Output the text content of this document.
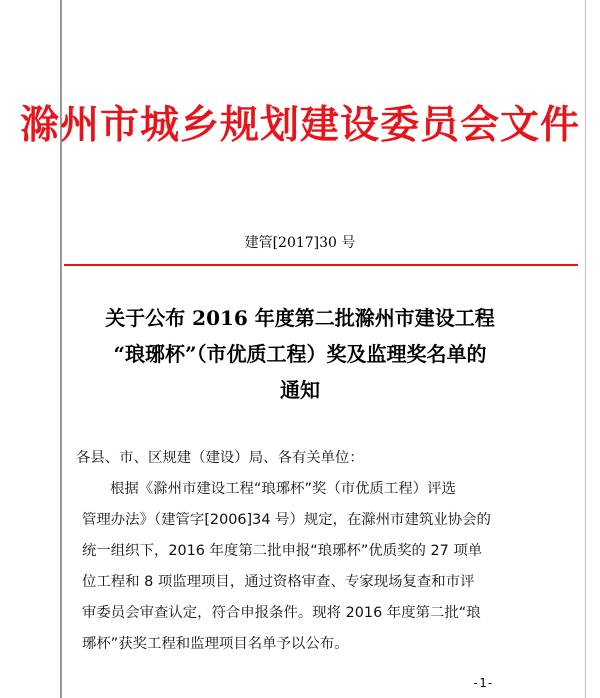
滁州市城乡规划建设委员会文件
建管[2017]30 号
关于公布 2016 年度第二批滁州市建设工程
“琅琊杯”（市优质工程）奖及监理奖名单的
通知
各县、市、区规建（建设）局、各有关单位：
根据《滁州市建设工程“琅琊杯”奖（市优质工程）评选
管理办法》（建管字[2006]34 号）规定，在滁州市建筑业协会的
统一组织下，2016 年度第二批申报“琅琊杯”优质奖的 27 项单
位工程和 8 项监理项目，通过资格审查、专家现场复查和市评
审委员会审查认定，符合申报条件。现将 2016 年度第二批“琅
琊杯”获奖工程和监理项目名单予以公布。
-1-
